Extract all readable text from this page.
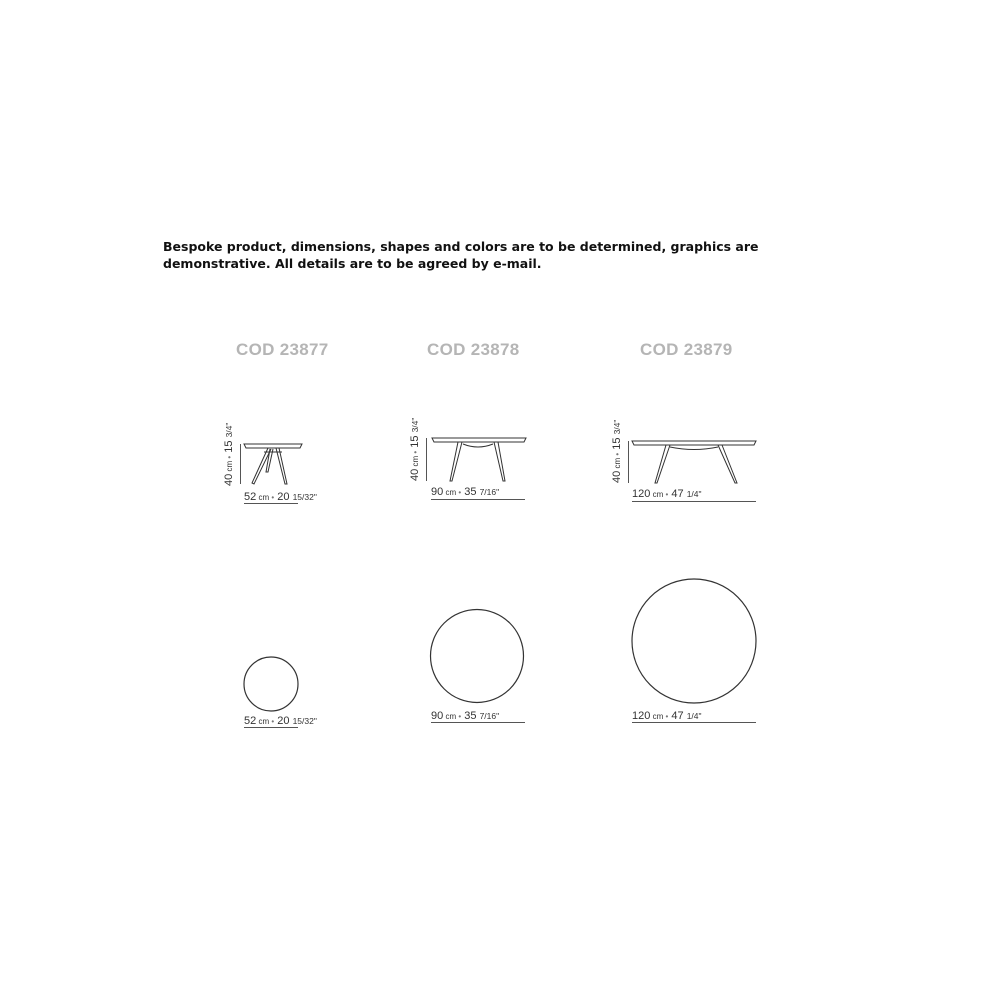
Bespoke product, dimensions, shapes and colors are to be determined, graphics are
demonstrative. All details are to be agreed by e-mail.
COD 23877	COD 23878	COD 23879
40 cm • 15 3/4"
40 cm • 15 3/4"
40 cm • 15 3/4"
52 cm • 20 15/32"	90 cm • 35 7/16"	120 cm • 47 1/4"
52 cm • 20 15/32"	90 cm • 35 7/16"	120 cm • 47 1/4"
